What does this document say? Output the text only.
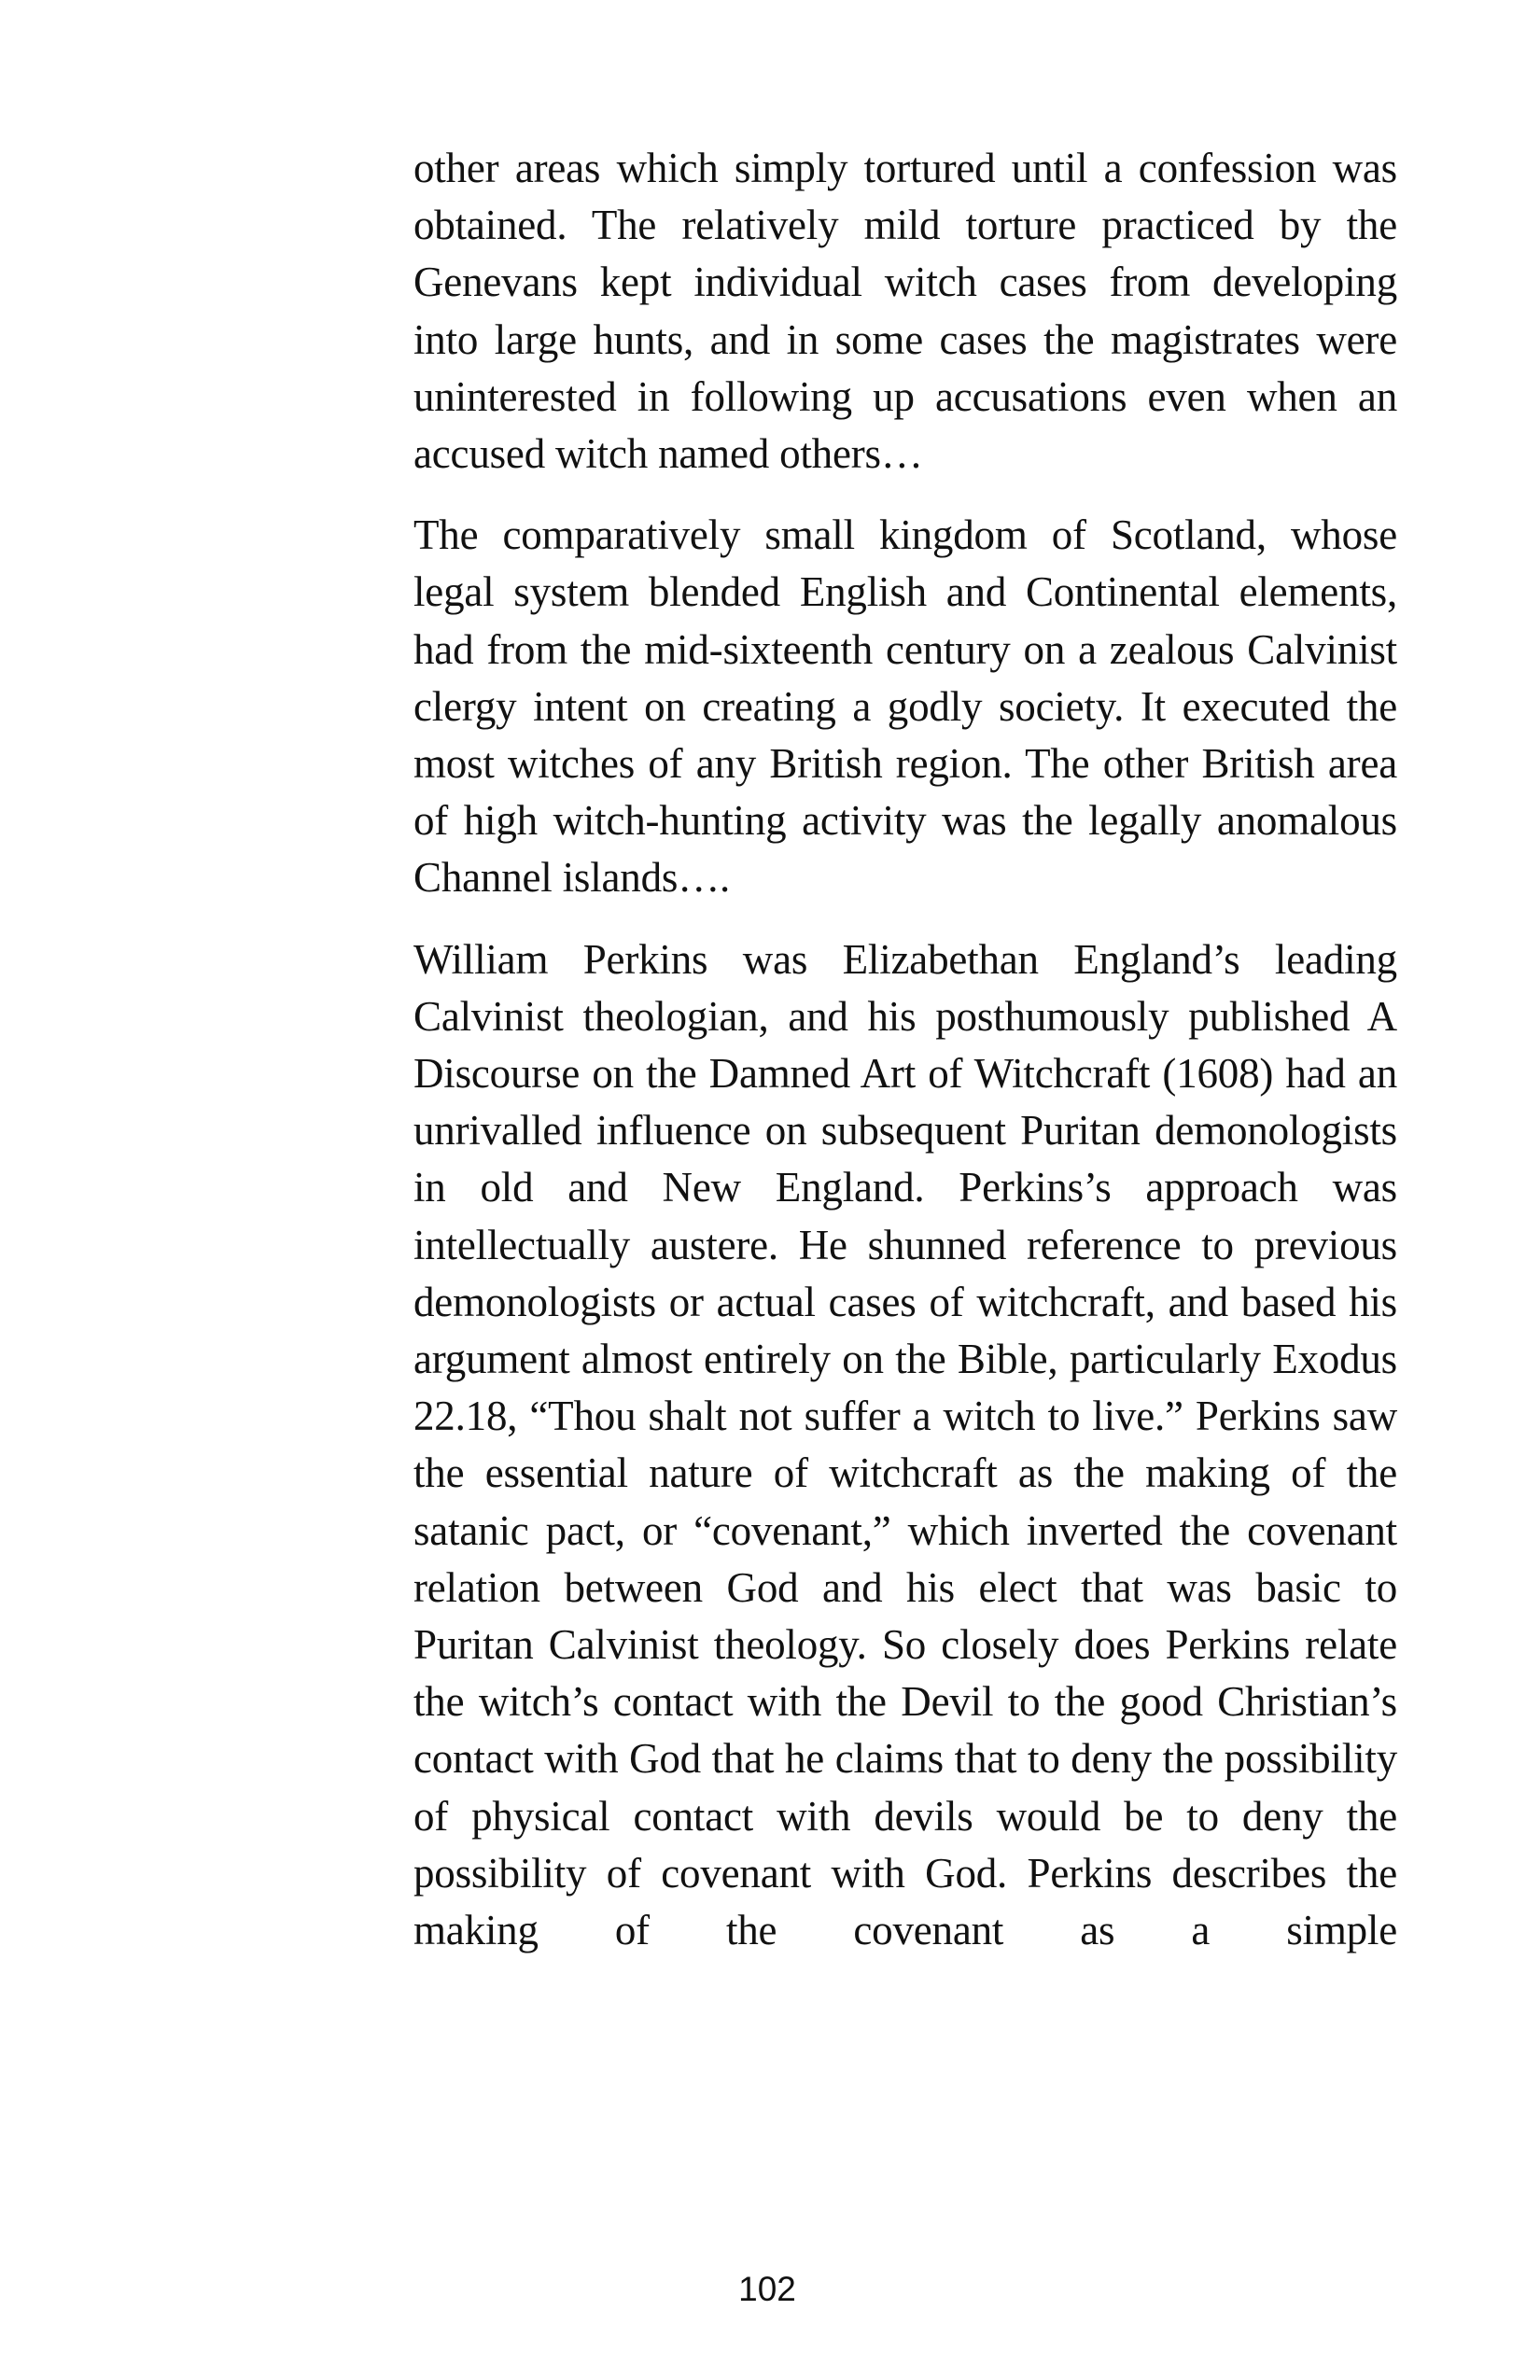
other areas which simply tortured until a confession was obtained. The relatively mild torture practiced by the Genevans kept individual witch cases from developing into large hunts, and in some cases the magistrates were uninterested in following up accusations even when an accused witch named others…

The comparatively small kingdom of Scotland, whose legal system blended English and Continental elements, had from the mid-sixteenth century on a zealous Calvinist clergy intent on creating a godly society. It executed the most witches of any British region. The other British area of high witch-hunting activity was the legally anomalous Channel islands….

William Perkins was Elizabethan England’s leading Calvinist theologian, and his posthumously published A Discourse on the Damned Art of Witchcraft (1608) had an unrivalled influence on subsequent Puritan demonologists in old and New England. Perkins’s approach was intellectually austere. He shunned reference to previous demonologists or actual cases of witchcraft, and based his argument almost entirely on the Bible, particularly Exodus 22.18, “Thou shalt not suffer a witch to live.” Perkins saw the essential nature of witchcraft as the making of the satanic pact, or “covenant,” which inverted the covenant relation between God and his elect that was basic to Puritan Calvinist theology. So closely does Perkins relate the witch’s contact with the Devil to the good Christian’s contact with God that he claims that to deny the possibility of physical contact with devils would be to deny the possibility of covenant with God. Perkins describes the making of the covenant as a simple

102
